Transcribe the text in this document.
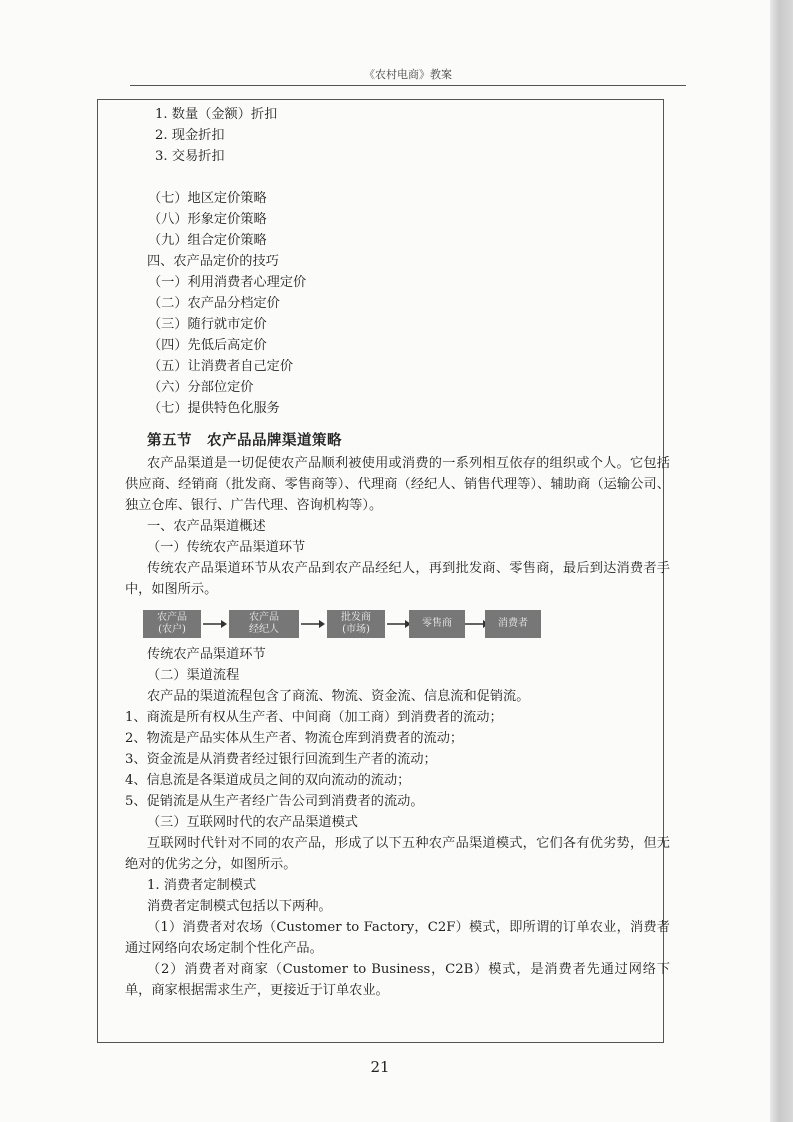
《农村电商》教案

1. 数量（金额）折扣

2. 现金折扣

3. 交易折扣

（七）地区定价策略

（八）形象定价策略

（九）组合定价策略

四、农产品定价的技巧

（一）利用消费者心理定价

（二）农产品分档定价

（三）随行就市定价

（四）先低后高定价

（五）让消费者自己定价

（六）分部位定价

（七）提供特色化服务

第五节　农产品品牌渠道策略

农产品渠道是一切促使农产品顺利被使用或消费的一系列相互依存的组织或个人。它包括供应商、经销商（批发商、零售商等）、代理商（经纪人、销售代理等）、辅助商（运输公司、独立仓库、银行、广告代理、咨询机构等）。

一、农产品渠道概述

（一）传统农产品渠道环节

传统农产品渠道环节从农产品到农产品经纪人，再到批发商、零售商，最后到达消费者手中，如图所示。

农产品
(农户)
农产品
经纪人
批发商
(市场)
零售商	消费者

传统农产品渠道环节

（二）渠道流程

农产品的渠道流程包含了商流、物流、资金流、信息流和促销流。

1、商流是所有权从生产者、中间商（加工商）到消费者的流动；

2、物流是产品实体从生产者、物流仓库到消费者的流动；

3、资金流是从消费者经过银行回流到生产者的流动；

4、信息流是各渠道成员之间的双向流动的流动；

5、促销流是从生产者经广告公司到消费者的流动。

（三）互联网时代的农产品渠道模式

互联网时代针对不同的农产品，形成了以下五种农产品渠道模式，它们各有优劣势，但无绝对的优劣之分，如图所示。

1. 消费者定制模式

消费者定制模式包括以下两种。

（1）消费者对农场（Customer to Factory，C2F）模式，即所谓的订单农业，消费者通过网络向农场定制个性化产品。

（2）消费者对商家（Customer to Business，C2B）模式，是消费者先通过网络下单，商家根据需求生产，更接近于订单农业。

21
